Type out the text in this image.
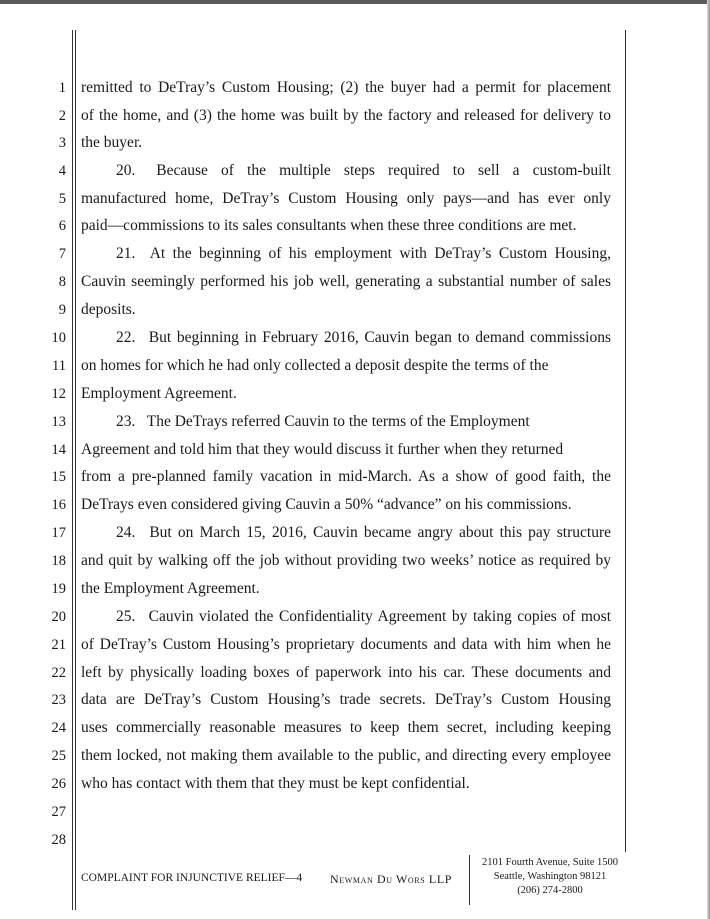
1
2
3
4
5
6
7
8
9
10
11
12
13
14
15
16
17
18
19
20
21
22
23
24
25
26
27
28
remitted to DeTray’s Custom Housing; (2) the buyer had a permit for placement
of the home, and (3) the home was built by the factory and released for delivery to
the buyer.
20.  Because of the multiple steps required to sell a custom-built
manufactured home, DeTray’s Custom Housing only pays—and has ever only
paid—commissions to its sales consultants when these three conditions are met.
21.  At the beginning of his employment with DeTray’s Custom Housing,
Cauvin seemingly performed his job well, generating a substantial number of sales
deposits.
22.  But beginning in February 2016, Cauvin began to demand commissions
on homes for which he had only collected a deposit despite the terms of the
Employment Agreement.
23.  The DeTrays referred Cauvin to the terms of the Employment
Agreement and told him that they would discuss it further when they returned
from a pre-planned family vacation in mid-March. As a show of good faith, the
DeTrays even considered giving Cauvin a 50% “advance” on his commissions.
24.  But on March 15, 2016, Cauvin became angry about this pay structure
and quit by walking off the job without providing two weeks’ notice as required by
the Employment Agreement.
25.  Cauvin violated the Confidentiality Agreement by taking copies of most
of DeTray’s Custom Housing’s proprietary documents and data with him when he
left by physically loading boxes of paperwork into his car. These documents and
data are DeTray’s Custom Housing’s trade secrets. DeTray’s Custom Housing
uses commercially reasonable measures to keep them secret, including keeping
them locked, not making them available to the public, and directing every employee
who has contact with them that they must be kept confidential.
COMPLAINT FOR INJUNCTIVE RELIEF—4 Newman Du Wors LLP
2101 Fourth Avenue, Suite 1500
Seattle, Washington 98121
(206) 274-2800
